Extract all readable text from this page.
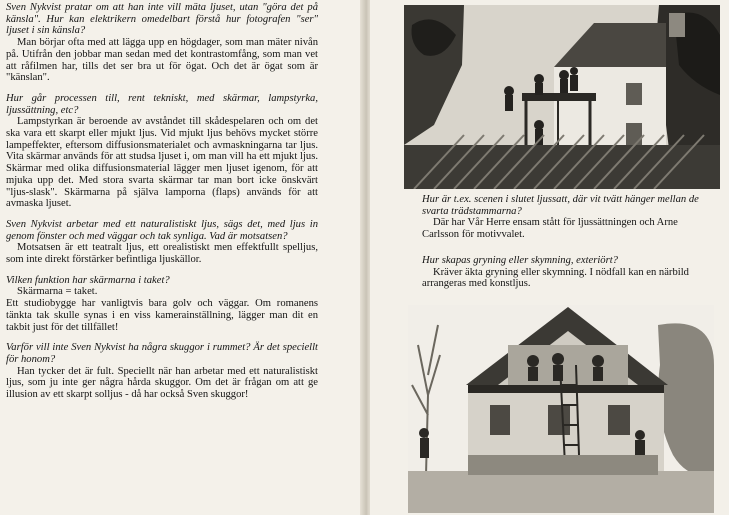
Sven Nykvist pratar om att han inte vill mäta ljuset, utan "göra det på känsla". Hur kan elektrikern omedelbart förstå hur fotografen "ser" ljuset i sin känsla?

Man börjar ofta med att lägga upp en högdager, som man mäter nivån på. Utifrån den jobbar man sedan med det kontrastomfång, som man vet att råfilmen har, tills det ser bra ut för ögat. Och det är ögat som är "känslan".

Hur går processen till, rent tekniskt, med skärmar, lampstyrka, ljussättning, etc?

Lampstyrkan är beroende av avståndet till skådespelaren och om det ska vara ett skarpt eller mjukt ljus. Vid mjukt ljus behövs mycket större lampeffekter, eftersom diffusionsmaterialet och avmaskningarna tar ljus. Vita skärmar används för att studsa ljuset i, om man vill ha ett mjukt ljus. Skärmar med olika diffusionsmaterial lägger men ljuset igenom, för att mjuka upp det. Med stora svarta skärmar tar man bort icke önskvärt "ljus-slask". Skärmarna på själva lamporna (flaps) används för att avmaska ljuset.

Sven Nykvist arbetar med ett naturalistiskt ljus, sägs det, med ljus in genom fönster och med väggar och tak synliga. Vad är motsatsen?

Motsatsen är ett teatralt ljus, ett orealistiskt men effektfullt spelljus, som inte direkt förstärker befintliga ljuskällor.

Vilken funktion har skärmarna i taket?

Skärmarna = taket.

Ett studiobygge har vanligtvis bara golv och väggar. Om romanens tänkta tak skulle synas i en viss kamerainställning, lägger man dit en takbit just för det tillfället!

Varför vill inte Sven Nykvist ha några skuggor i rummet? Är det speciellt för honom?

Han tycker det är fult. Speciellt när han arbetar med ett naturalistiskt ljus, som ju inte ger några hårda skuggor. Om det är frågan om att ge illusion av ett skarpt solljus - då har också Sven skuggor!

Hur är t.ex. scenen i slutet ljussatt, där vit tvätt hänger mellan de svarta trädstammarna?

Där har Vår Herre ensam stått för ljussättningen och Arne Carlsson för motivvalet.

Hur skapas gryning eller skymning, exteriört?

Kräver äkta gryning eller skymning. I nödfall kan en närbild arrangeras med konstljus.
